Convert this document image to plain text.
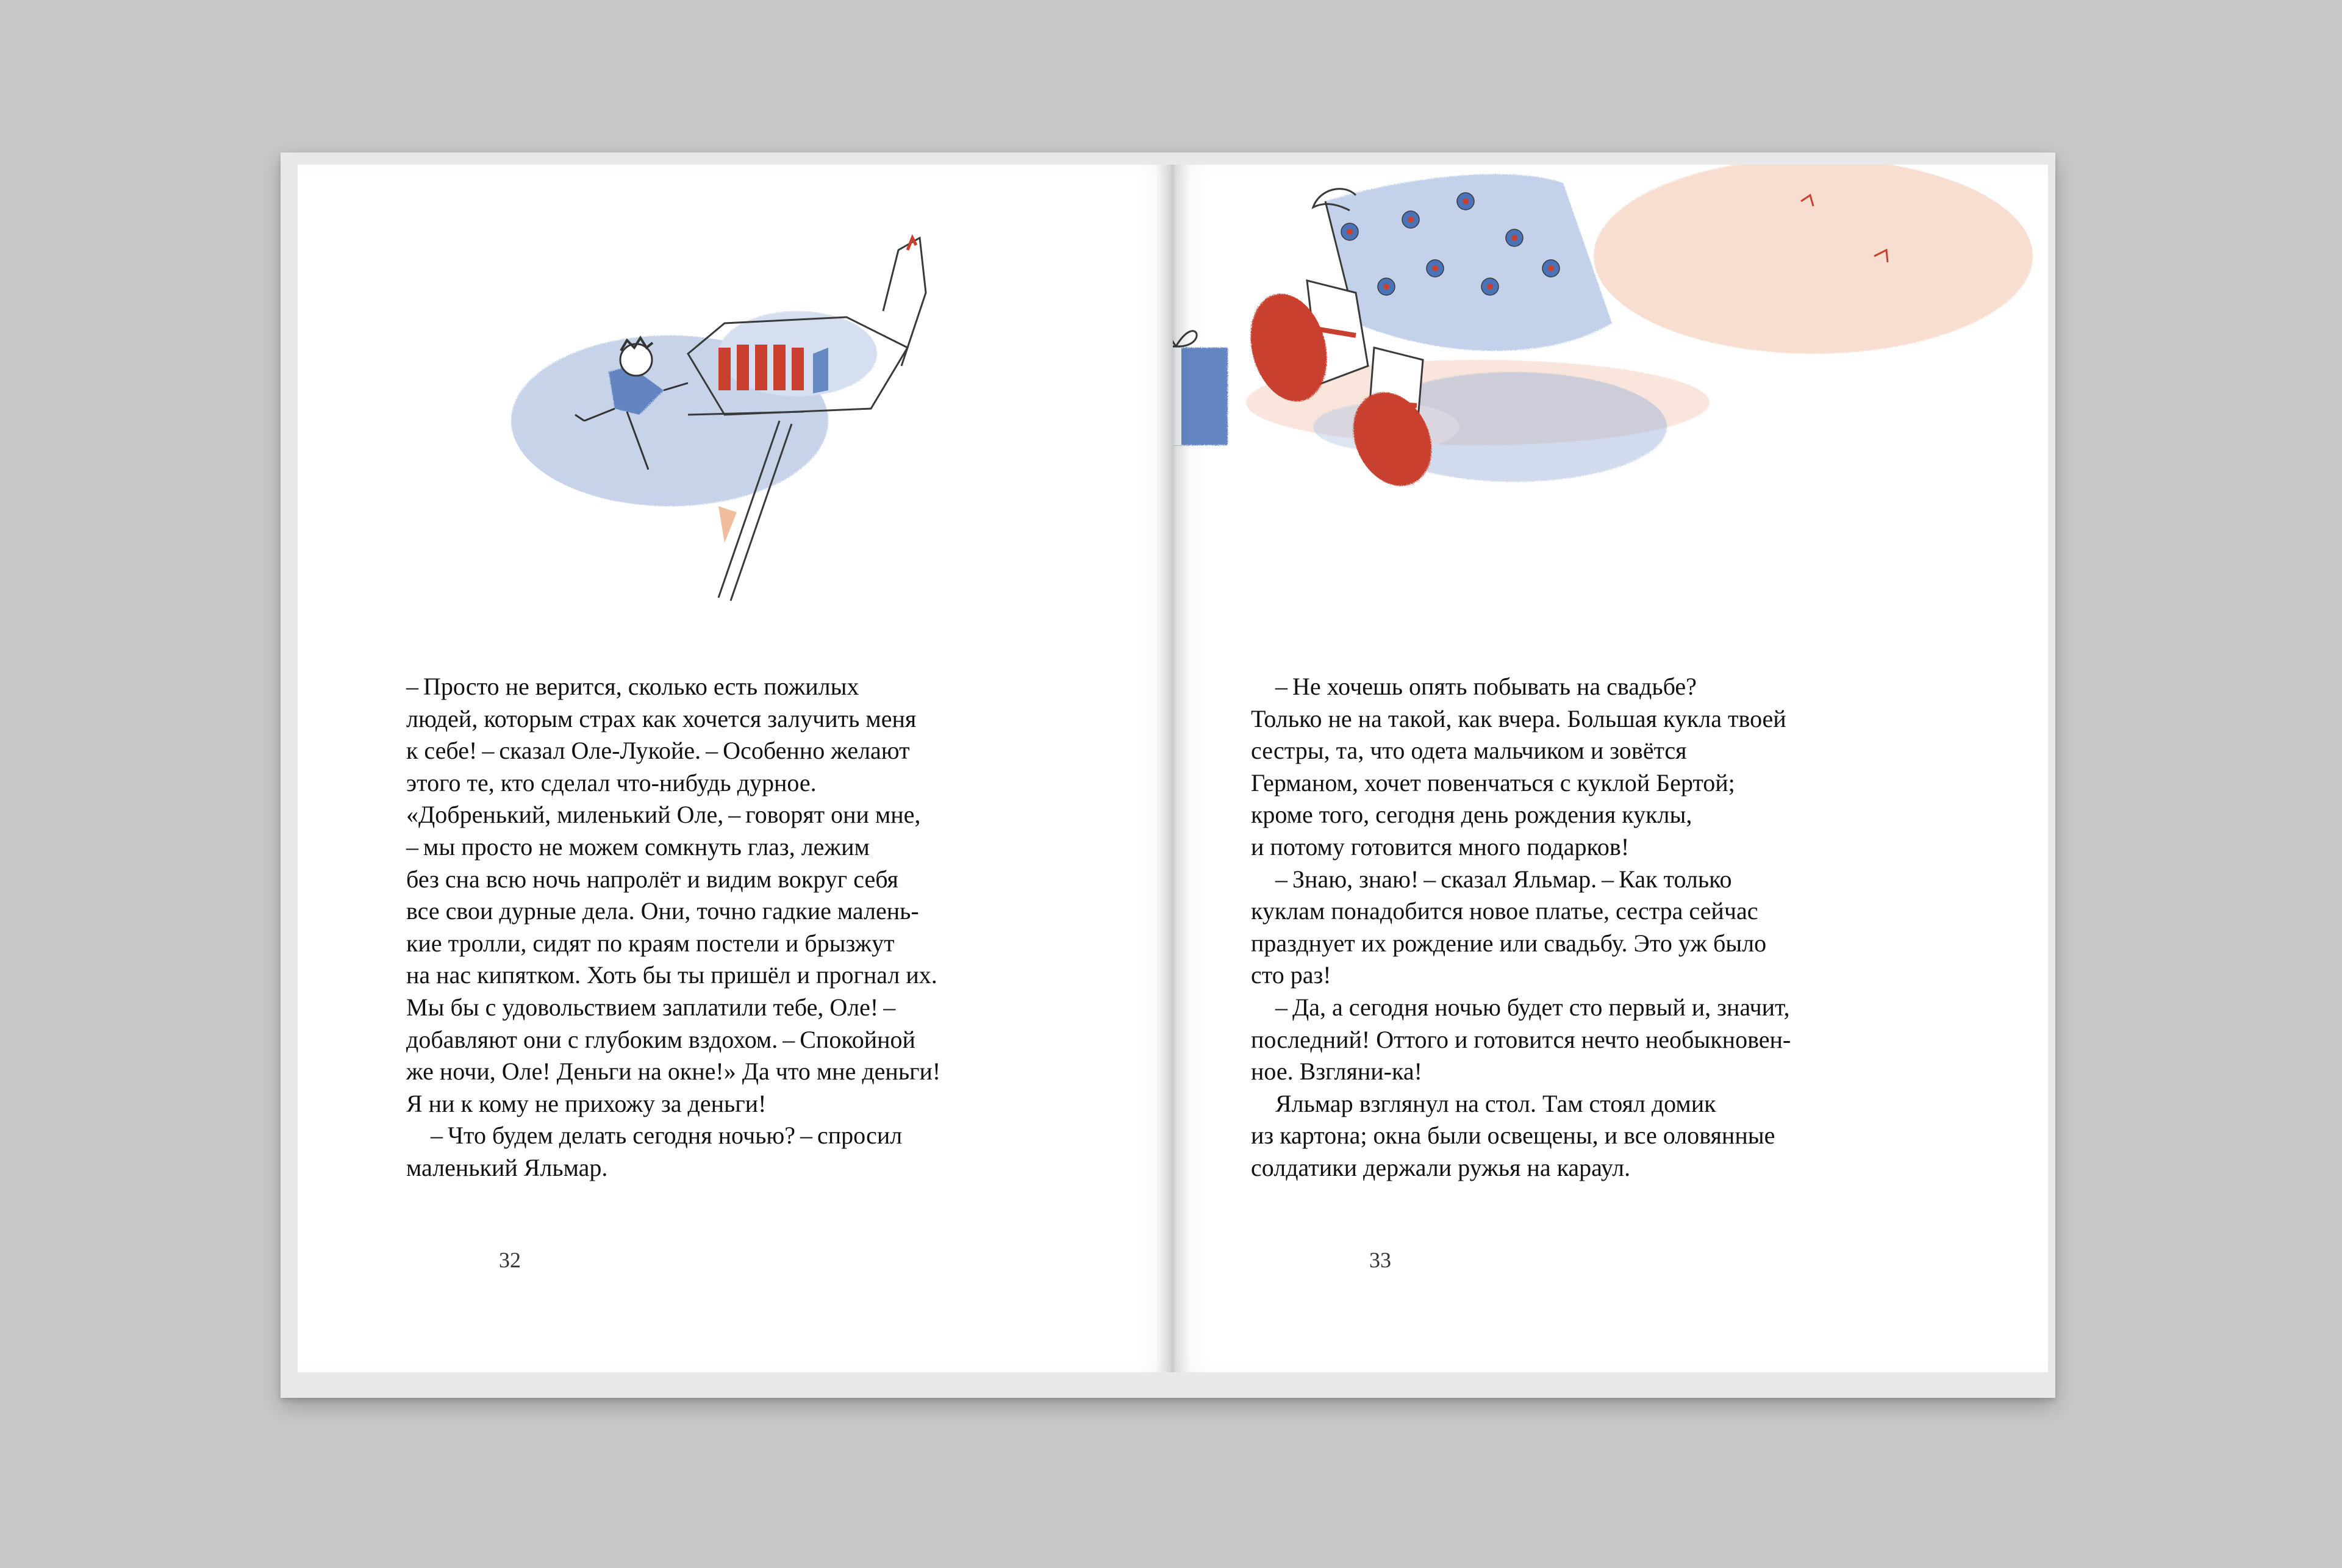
– Просто не верится, сколько есть пожилых
людей, которым страх как хочется залучить меня
к себе! – сказал Оле-Лукойе. – Особенно желают
этого те, кто сделал что-нибудь дурное.
«Добренький, миленький Оле, – говорят они мне,
– мы просто не можем сомкнуть глаз, лежим
без сна всю ночь напролёт и видим вокруг себя
все свои дурные дела. Они, точно гадкие малень-
кие тролли, сидят по краям постели и брызжут
на нас кипятком. Хоть бы ты пришёл и прогнал их.
Мы бы с удовольствием заплатили тебе, Оле! –
добавляют они с глубоким вздохом. – Спокойной
же ночи, Оле! Деньги на окне!» Да что мне деньги!
Я ни к кому не прихожу за деньги!
 – Что будем делать сегодня ночью? – спросил
маленький Яльмар.
32
 – Не хочешь опять побывать на свадьбе?
Только не на такой, как вчера. Большая кукла твоей
сестры, та, что одета мальчиком и зовётся
Германом, хочет повенчаться с куклой Бертой;
кроме того, сегодня день рождения куклы,
и потому готовится много подарков!
 – Знаю, знаю! – сказал Яльмар. – Как только
куклам понадобится новое платье, сестра сейчас
празднует их рождение или свадьбу. Это уж было
сто раз!
 – Да, а сегодня ночью будет сто первый и, значит,
последний! Оттого и готовится нечто необыкновен-
ное. Взгляни-ка!
 Яльмар взглянул на стол. Там стоял домик
из картона; окна были освещены, и все оловянные
солдатики держали ружья на караул.
33
